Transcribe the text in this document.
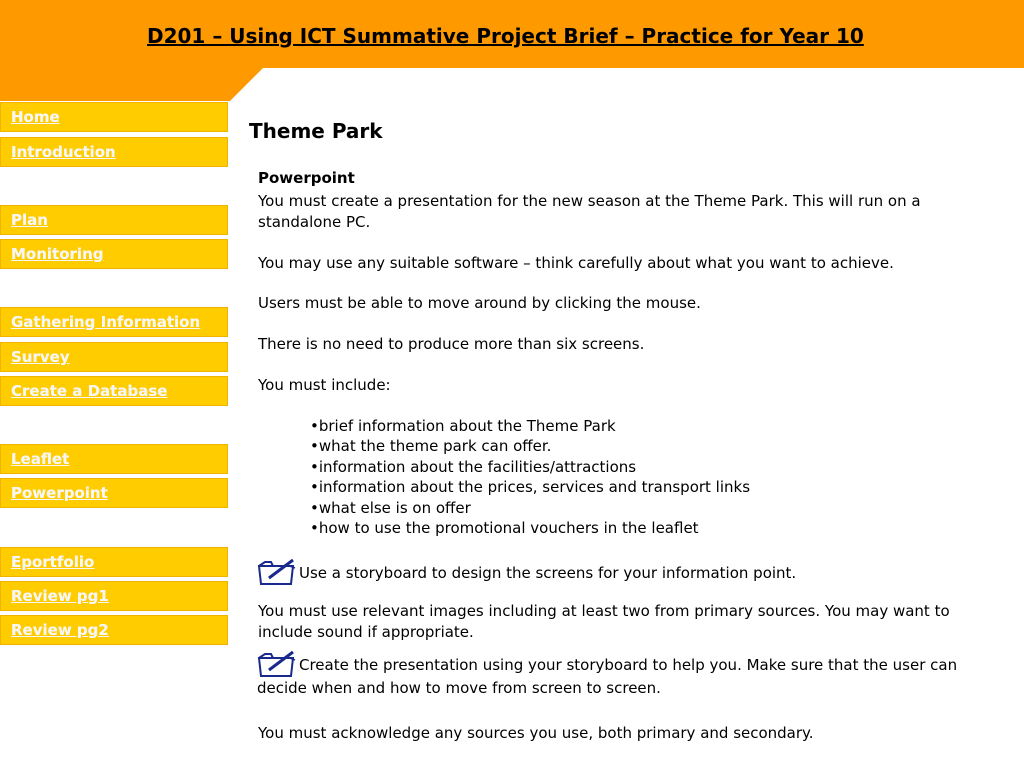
D201 – Using ICT Summative Project Brief – Practice for Year 10
Home
Introduction
Plan
Monitoring
Gathering Information
Survey
Create a Database
Leaflet
Powerpoint
Eportfolio
Review pg1
Review pg2
Theme Park
Powerpoint
You must create a presentation for the new season at the Theme Park. This will run on a standalone PC.
You may use any suitable software – think carefully about what you want to achieve.
Users must be able to move around by clicking the mouse.
There is no need to produce more than six screens.
You must include:
•brief information about the Theme Park
•what the theme park can offer.
•information about the facilities/attractions
•information about the prices, services and transport links
•what else is on offer
•how to use the promotional vouchers in the leaflet
Use a storyboard to design the screens for your information point.
You must use relevant images including at least two from primary sources. You may want to include sound if appropriate.
Create the presentation using your storyboard to help you. Make sure that the user can decide when and how to move from screen to screen.
You must acknowledge any sources you use, both primary and secondary.
